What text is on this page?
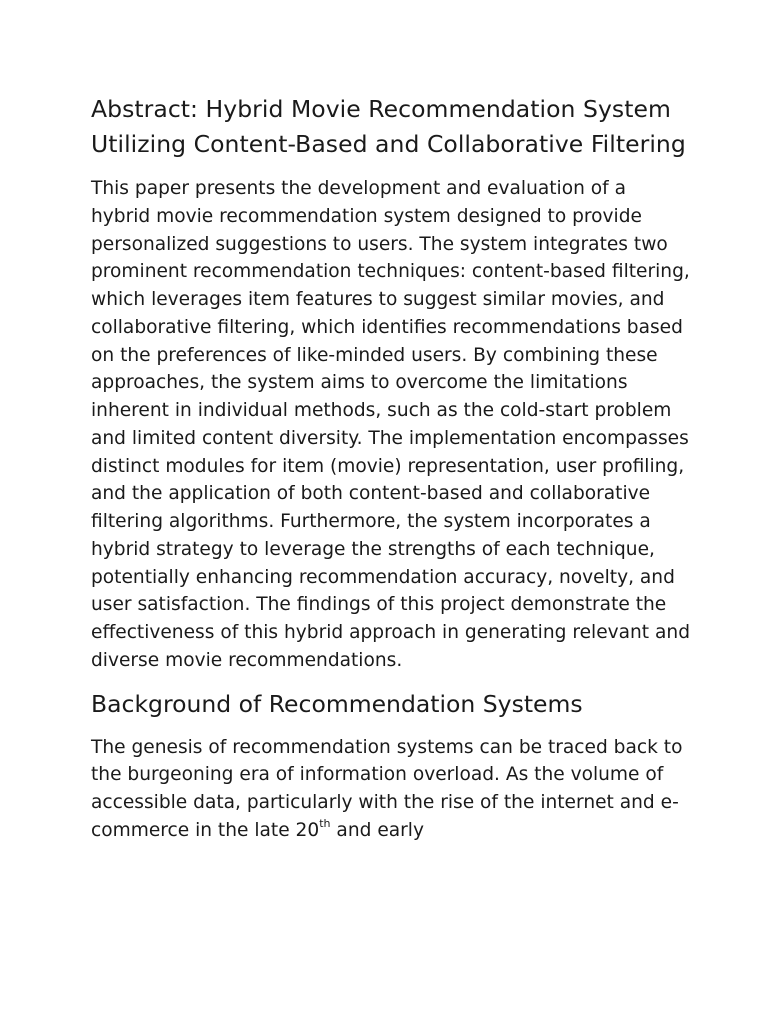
Abstract: Hybrid Movie Recommendation System Utilizing Content-Based and Collaborative Filtering

This paper presents the development and evaluation of a hybrid movie recommendation system designed to provide personalized suggestions to users. The system integrates two prominent recommendation techniques: content-based filtering, which leverages item features to suggest similar movies, and collaborative filtering, which identifies recommendations based on the preferences of like-minded users. By combining these approaches, the system aims to overcome the limitations inherent in individual methods, such as the cold-start problem and limited content diversity. The implementation encompasses distinct modules for item (movie) representation, user profiling, and the application of both content-based and collaborative filtering algorithms. Furthermore, the system incorporates a hybrid strategy to leverage the strengths of each technique, potentially enhancing recommendation accuracy, novelty, and user satisfaction. The findings of this project demonstrate the effectiveness of this hybrid approach in generating relevant and diverse movie recommendations.

Background of Recommendation Systems

The genesis of recommendation systems can be traced back to the burgeoning era of information overload. As the volume of accessible data, particularly with the rise of the internet and e-commerce in the late 20th and early
